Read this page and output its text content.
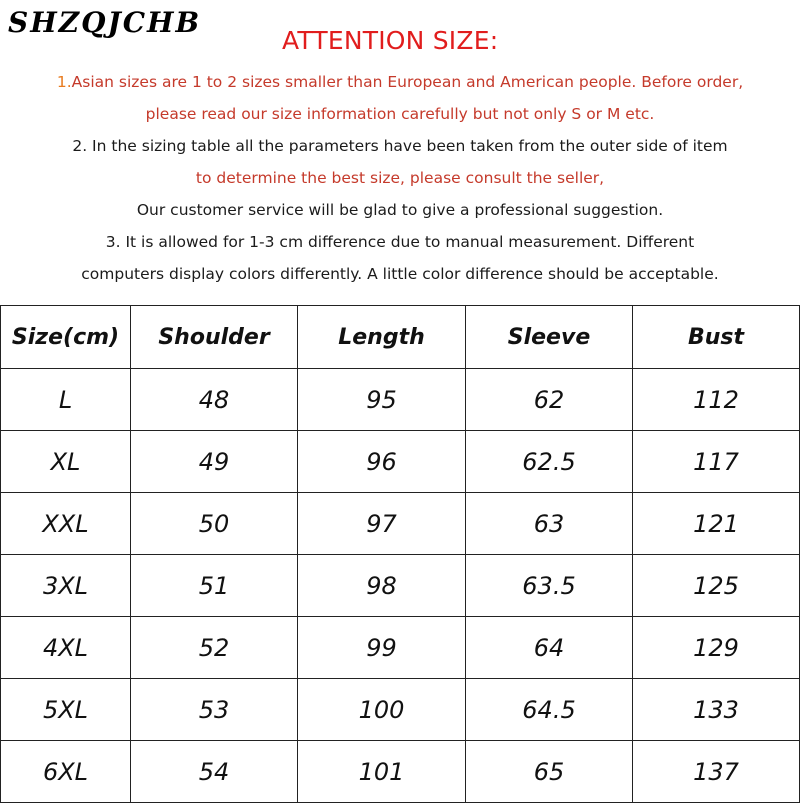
SHZQJCHB
ATTENTION SIZE:
1.Asian sizes are 1 to 2 sizes smaller than European and American people. Before order,
please read our size information carefully but not only S or M etc.
2. In the sizing table all the parameters have been taken from the outer side of item
to determine the best size, please consult the seller,
Our customer service will be glad to give a professional suggestion.
3. It is allowed for 1-3 cm difference due to manual measurement. Different
computers display colors differently. A little color difference should be acceptable.
Size(cm)	Shoulder	Length	Sleeve	Bust
L	48	95	62	112
XL	49	96	62.5	117
XXL	50	97	63	121
3XL	51	98	63.5	125
4XL	52	99	64	129
5XL	53	100	64.5	133
6XL	54	101	65	137
